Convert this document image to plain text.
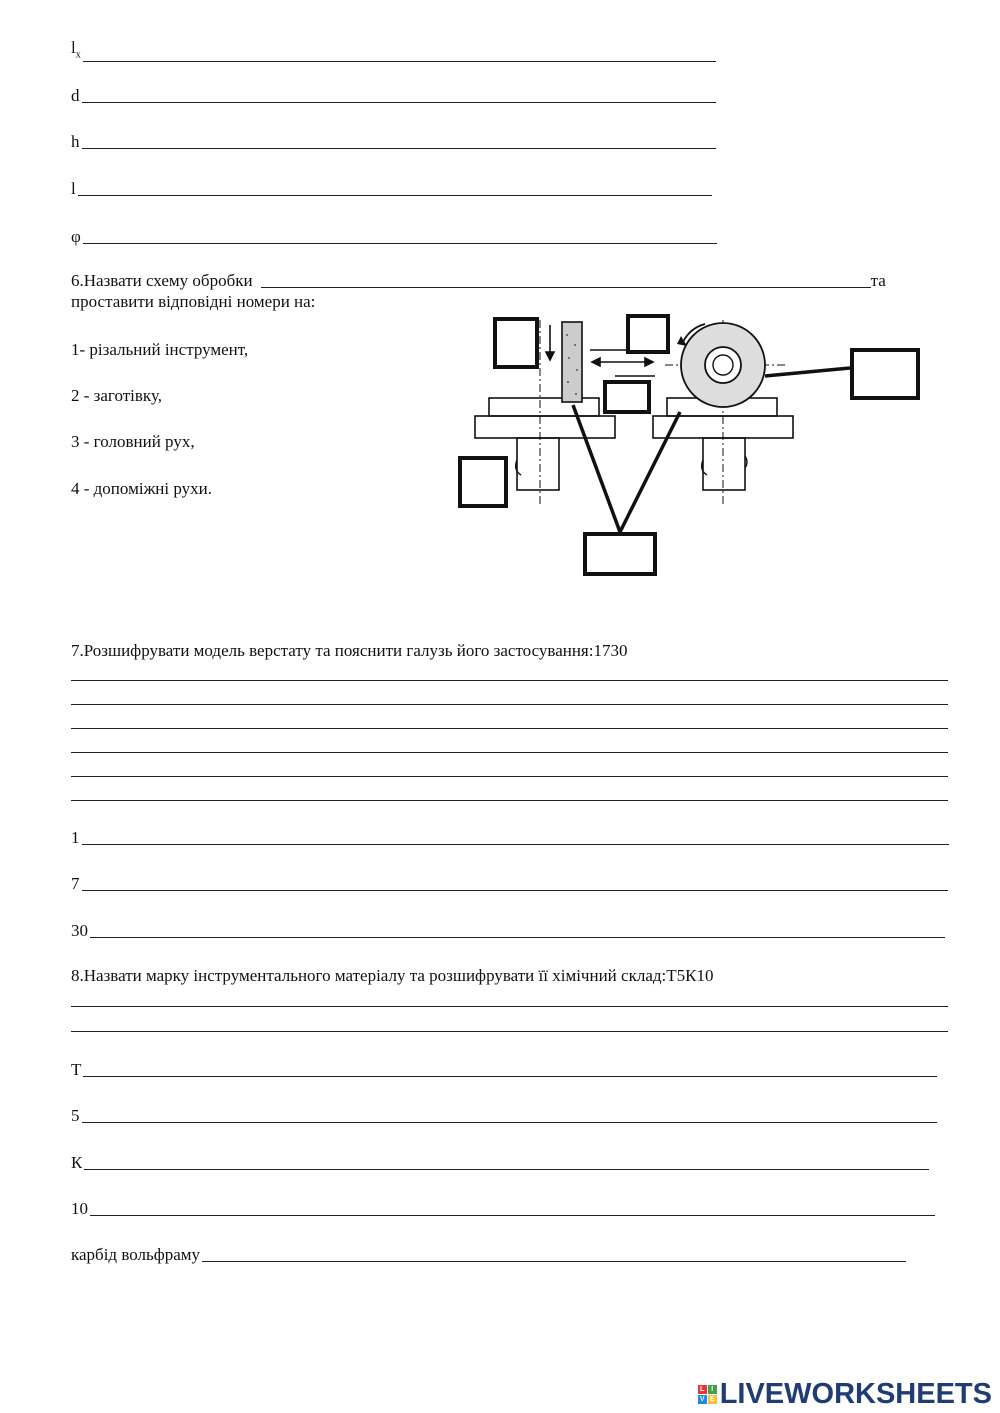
$l_x$
d
h
l
φ
6.Назвати схему обробки	та
проставити відповідні номери на:
1- різальний інструмент,
2 - заготівку,
3 - головний рух,
4 - допоміжні рухи.
7.Розшифрувати модель верстату та пояснити галузь його застосування:1730
1
7
30
8.Назвати марку інструментального матеріалу та розшифрувати її хімічний склад:Т5К10
Т
5
К
10
карбід вольфраму
L I
V E LIVEWORKSHEETS
